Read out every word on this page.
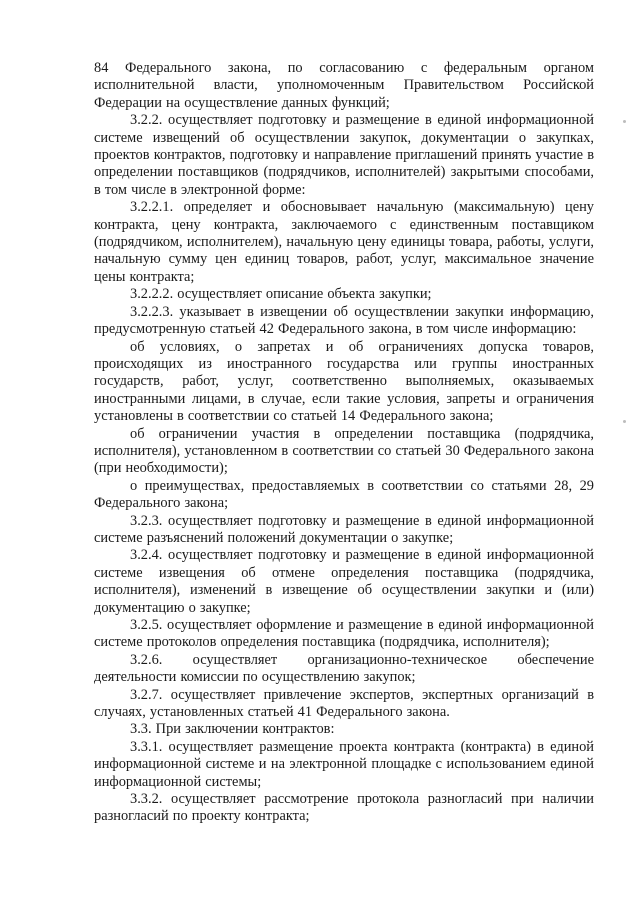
84 Федерального закона, по согласованию с федеральным органом исполнительной власти, уполномоченным Правительством Российской Федерации на осуществление данных функций;

3.2.2. осуществляет подготовку и размещение в единой информационной системе извещений об осуществлении закупок, документации о закупках, проектов контрактов, подготовку и направление приглашений принять участие в определении поставщиков (подрядчиков, исполнителей) закрытыми способами, в том числе в электронной форме:

3.2.2.1. определяет и обосновывает начальную (максимальную) цену контракта, цену контракта, заключаемого с единственным поставщиком (подрядчиком, исполнителем), начальную цену единицы товара, работы, услуги, начальную сумму цен единиц товаров, работ, услуг, максимальное значение цены контракта;

3.2.2.2. осуществляет описание объекта закупки;

3.2.2.3. указывает в извещении об осуществлении закупки информацию, предусмотренную статьей 42 Федерального закона, в том числе информацию:

об условиях, о запретах и об ограничениях допуска товаров, происходящих из иностранного государства или группы иностранных государств, работ, услуг, соответственно выполняемых, оказываемых иностранными лицами, в случае, если такие условия, запреты и ограничения установлены в соответствии со статьей 14 Федерального закона;

об ограничении участия в определении поставщика (подрядчика, исполнителя), установленном в соответствии со статьей 30 Федерального закона (при необходимости);

о преимуществах, предоставляемых в соответствии со статьями 28, 29 Федерального закона;

3.2.3. осуществляет подготовку и размещение в единой информационной системе разъяснений положений документации о закупке;

3.2.4. осуществляет подготовку и размещение в единой информационной системе извещения об отмене определения поставщика (подрядчика, исполнителя), изменений в извещение об осуществлении закупки и (или) документацию о закупке;

3.2.5. осуществляет оформление и размещение в единой информационной системе протоколов определения поставщика (подрядчика, исполнителя);

3.2.6. осуществляет организационно-техническое обеспечение деятельности комиссии по осуществлению закупок;

3.2.7. осуществляет привлечение экспертов, экспертных организаций в случаях, установленных статьей 41 Федерального закона.

3.3. При заключении контрактов:

3.3.1. осуществляет размещение проекта контракта (контракта) в единой информационной системе и на электронной площадке с использованием единой информационной системы;

3.3.2. осуществляет рассмотрение протокола разногласий при наличии разногласий по проекту контракта;
